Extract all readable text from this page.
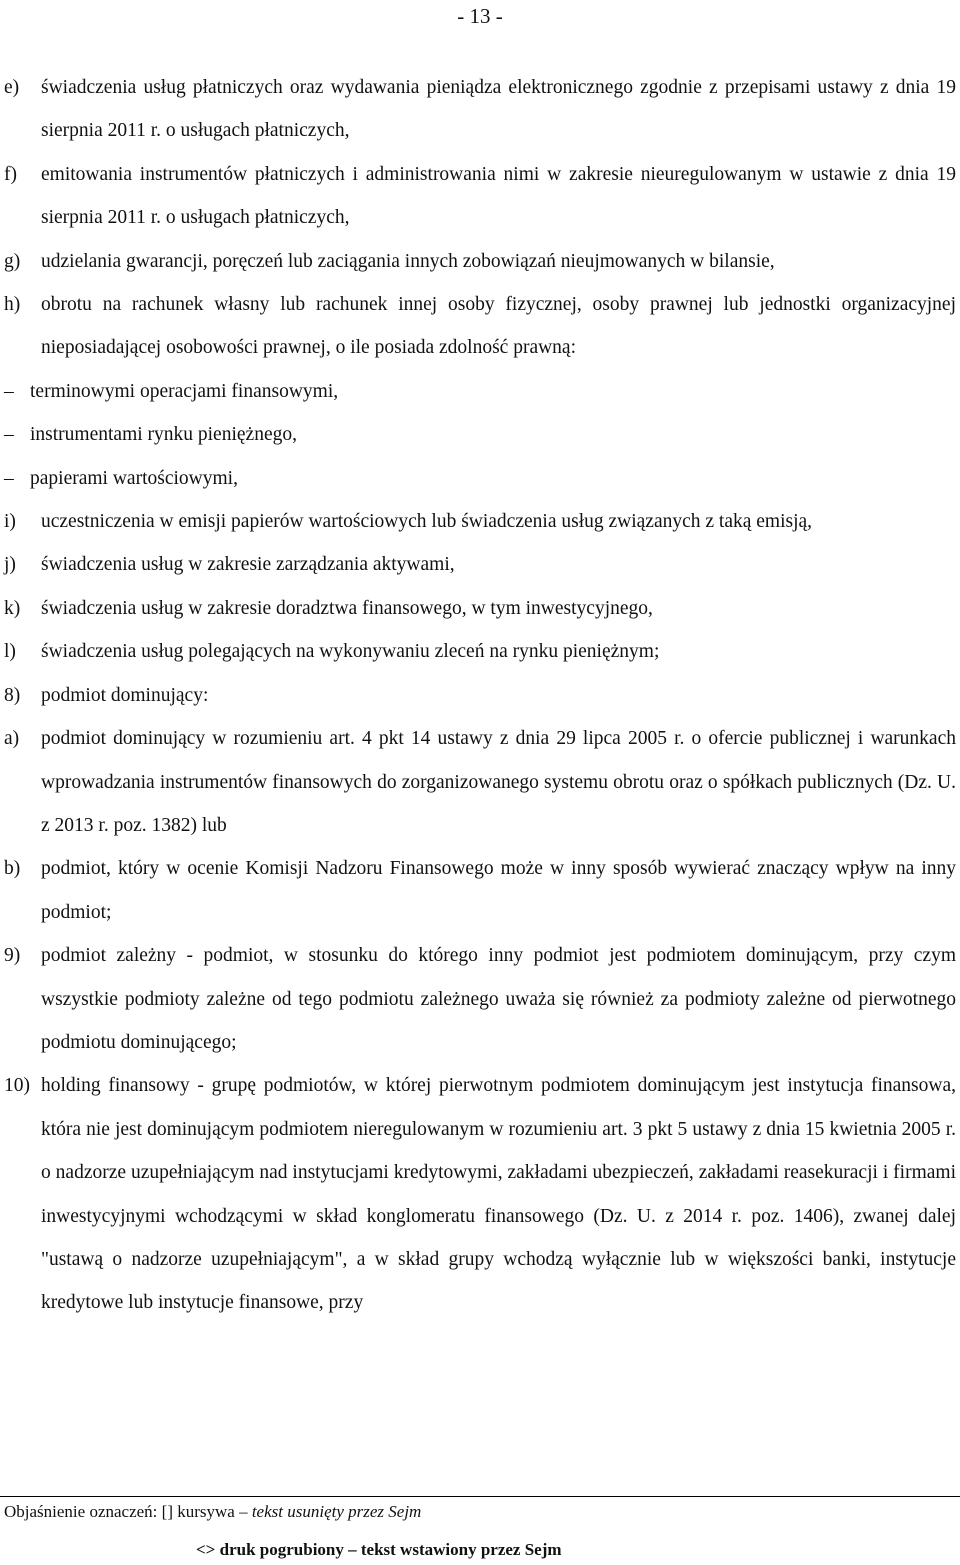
- 13 -
e) świadczenia usług płatniczych oraz wydawania pieniądza elektronicznego zgodnie z przepisami ustawy z dnia 19 sierpnia 2011 r. o usługach płatniczych,
f) emitowania instrumentów płatniczych i administrowania nimi w zakresie nieuregulowanym w ustawie z dnia 19 sierpnia 2011 r. o usługach płatniczych,
g) udzielania gwarancji, poręczeń lub zaciągania innych zobowiązań nieujmowanych w bilansie,
h) obrotu na rachunek własny lub rachunek innej osoby fizycznej, osoby prawnej lub jednostki organizacyjnej nieposiadającej osobowości prawnej, o ile posiada zdolność prawną:
– terminowymi operacjami finansowymi,
– instrumentami rynku pieniężnego,
– papierami wartościowymi,
i) uczestniczenia w emisji papierów wartościowych lub świadczenia usług związanych z taką emisją,
j) świadczenia usług w zakresie zarządzania aktywami,
k) świadczenia usług w zakresie doradztwa finansowego, w tym inwestycyjnego,
l) świadczenia usług polegających na wykonywaniu zleceń na rynku pieniężnym;
8) podmiot dominujący:
a) podmiot dominujący w rozumieniu art. 4 pkt 14 ustawy z dnia 29 lipca 2005 r. o ofercie publicznej i warunkach wprowadzania instrumentów finansowych do zorganizowanego systemu obrotu oraz o spółkach publicznych (Dz. U. z 2013 r. poz. 1382) lub
b) podmiot, który w ocenie Komisji Nadzoru Finansowego może w inny sposób wywierać znaczący wpływ na inny podmiot;
9) podmiot zależny - podmiot, w stosunku do którego inny podmiot jest podmiotem dominującym, przy czym wszystkie podmioty zależne od tego podmiotu zależnego uważa się również za podmioty zależne od pierwotnego podmiotu dominującego;
10) holding finansowy - grupę podmiotów, w której pierwotnym podmiotem dominującym jest instytucja finansowa, która nie jest dominującym podmiotem nieregulowanym w rozumieniu art. 3 pkt 5 ustawy z dnia 15 kwietnia 2005 r. o nadzorze uzupełniającym nad instytucjami kredytowymi, zakładami ubezpieczeń, zakładami reasekuracji i firmami inwestycyjnymi wchodzącymi w skład konglomeratu finansowego (Dz. U. z 2014 r. poz. 1406), zwanej dalej "ustawą o nadzorze uzupełniającym", a w skład grupy wchodzą wyłącznie lub w większości banki, instytucje kredytowe lub instytucje finansowe, przy
Objaśnienie oznaczeń: [] kursywa – tekst usunięty przez Sejm
<> druk pogrubiony – tekst wstawiony przez Sejm
